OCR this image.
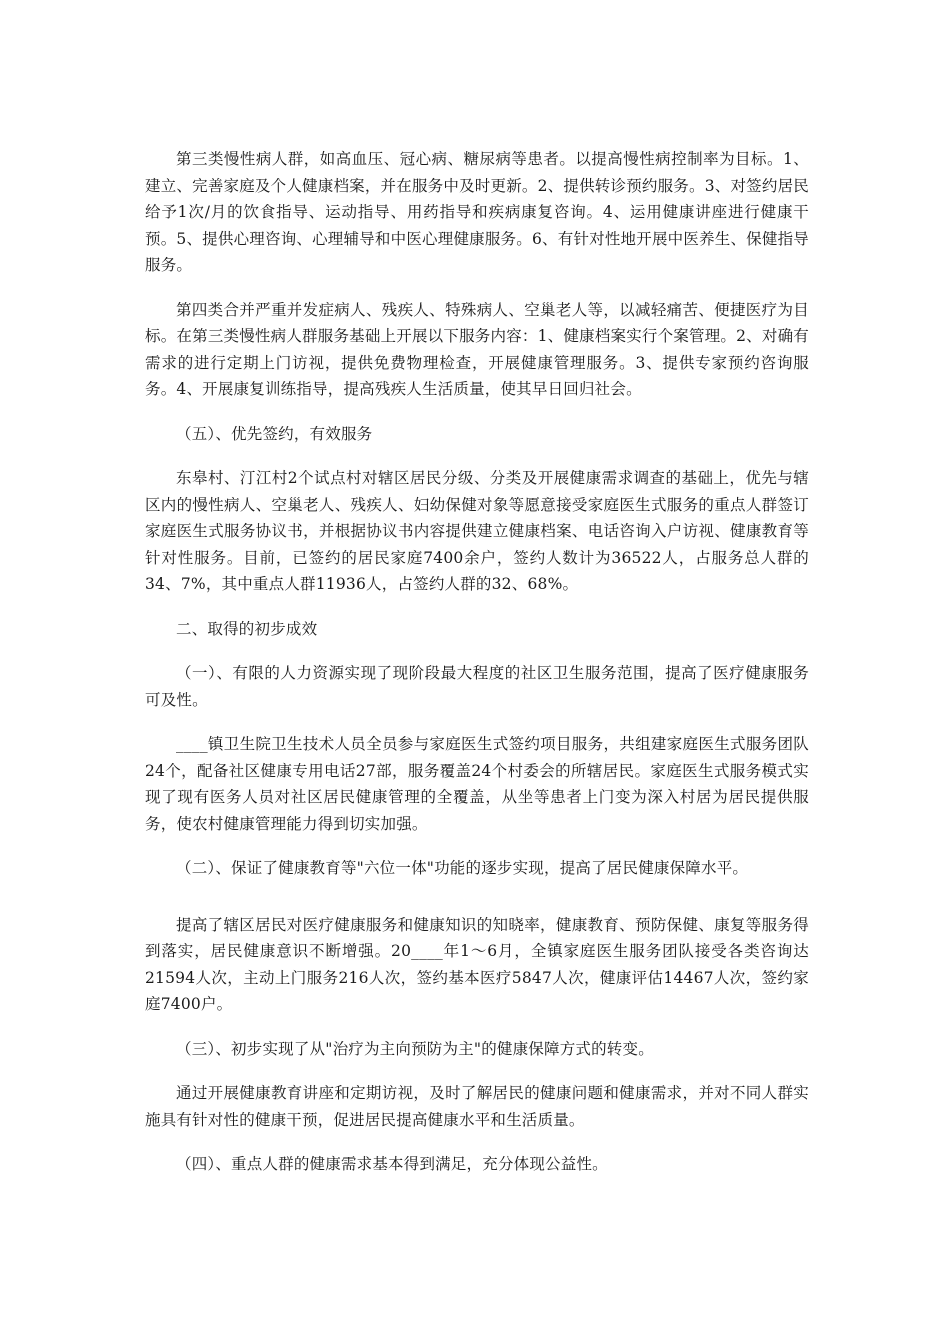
第三类慢性病人群，如高血压、冠心病、糖尿病等患者。以提高慢性病控制率为目标。1、建立、完善家庭及个人健康档案，并在服务中及时更新。2、提供转诊预约服务。3、对签约居民给予1次/月的饮食指导、运动指导、用药指导和疾病康复咨询。4、运用健康讲座进行健康干预。5、提供心理咨询、心理辅导和中医心理健康服务。6、有针对性地开展中医养生、保健指导服务。

第四类合并严重并发症病人、残疾人、特殊病人、空巢老人等，以减轻痛苦、便捷医疗为目标。在第三类慢性病人群服务基础上开展以下服务内容：1、健康档案实行个案管理。2、对确有需求的进行定期上门访视，提供免费物理检查，开展健康管理服务。3、提供专家预约咨询服务。4、开展康复训练指导，提高残疾人生活质量，使其早日回归社会。

（五）、优先签约，有效服务

东皋村、汀江村2个试点村对辖区居民分级、分类及开展健康需求调查的基础上，优先与辖区内的慢性病人、空巢老人、残疾人、妇幼保健对象等愿意接受家庭医生式服务的重点人群签订家庭医生式服务协议书，并根据协议书内容提供建立健康档案、电话咨询入户访视、健康教育等针对性服务。目前，已签约的居民家庭7400余户，签约人数计为36522人，占服务总人群的34、7%，其中重点人群11936人，占签约人群的32、68%。

二、取得的初步成效

（一）、有限的人力资源实现了现阶段最大程度的社区卫生服务范围，提高了医疗健康服务可及性。

____镇卫生院卫生技术人员全员参与家庭医生式签约项目服务，共组建家庭医生式服务团队24个，配备社区健康专用电话27部，服务覆盖24个村委会的所辖居民。家庭医生式服务模式实现了现有医务人员对社区居民健康管理的全覆盖，从坐等患者上门变为深入村居为居民提供服务，使农村健康管理能力得到切实加强。

（二）、保证了健康教育等"六位一体"功能的逐步实现，提高了居民健康保障水平。

提高了辖区居民对医疗健康服务和健康知识的知晓率，健康教育、预防保健、康复等服务得到落实，居民健康意识不断增强。20____年1～6月，全镇家庭医生服务团队接受各类咨询达21594人次，主动上门服务216人次，签约基本医疗5847人次，健康评估14467人次，签约家庭7400户。

（三）、初步实现了从"治疗为主向预防为主"的健康保障方式的转变。

通过开展健康教育讲座和定期访视，及时了解居民的健康问题和健康需求，并对不同人群实施具有针对性的健康干预，促进居民提高健康水平和生活质量。

（四）、重点人群的健康需求基本得到满足，充分体现公益性。
